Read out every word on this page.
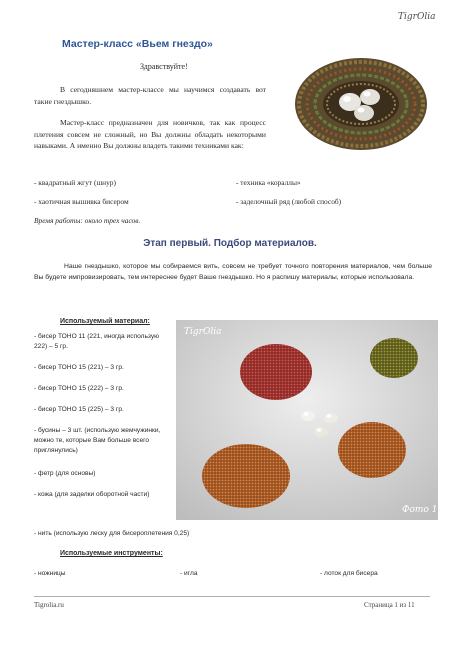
TigrOlia
Мастер-класс «Вьем гнездо»
Здравствуйте!
В сегодняшнем мастер-классе мы научимся создавать вот такие гнездышко.
Мастер-класс предназначен для новичков, так как процесс плетения совсем не сложный, но Вы должны обладать некоторыми навыками. А именно Вы должны владеть такими техниками как:
- квадратный жгут (шнур)	- техника «кораллы»
- хаотичная вышивка бисером	- заделочный ряд (любой способ)
Время работы: около трех часов.
Этап первый. Подбор материалов.
Наше гнездышко, которое мы собираемся вить, совсем не требует точного повторения материалов, чем больше Вы будете импровизировать, тем интереснее будет Ваше гнездышко. Но я распишу материалы, которые использовала.
Используемый материал:
- бисер ТОНО 11 (221, иногда использую 222) – 5 гр.
- бисер ТОНО 15 (221) – 3 гр.
- бисер ТОНО 15 (222) – 3 гр.
- бисер ТОНО 15 (225) – 3 гр.
- бусины – 3 шт. (использую жемчужинки, можно те, которые Вам больше всего приглянулись)
- фетр (для основы)
- кожа (для заделки оборотной части)
TigrOlia
Фото 1
- нить (использую леску для бисероплетения 0,25)
Используемые инструменты:
- ножницы	- игла	- лоток для бисера
Tigrolia.ru	Страница 1 из 11
